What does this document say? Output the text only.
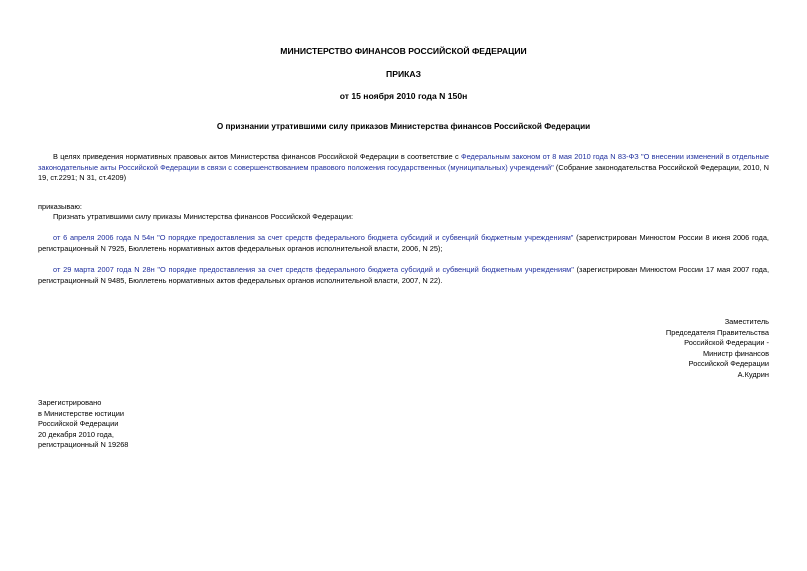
МИНИСТЕРСТВО ФИНАНСОВ РОССИЙСКОЙ ФЕДЕРАЦИИ
ПРИКАЗ
от 15 ноября 2010 года N 150н
О признании утратившими силу приказов Министерства финансов Российской Федерации
В целях приведения нормативных правовых актов Министерства финансов Российской Федерации в соответствие с Федеральным законом от 8 мая 2010 года N 83-ФЗ "О внесении изменений в отдельные законодательные акты Российской Федерации в связи с совершенствованием правового положения государственных (муниципальных) учреждений" (Собрание законодательства Российской Федерации, 2010, N 19, ст.2291; N 31, ст.4209)
приказываю:
Признать утратившими силу приказы Министерства финансов Российской Федерации:
от 6 апреля 2006 года N 54н "О порядке предоставления за счет средств федерального бюджета субсидий и субвенций бюджетным учреждениям" (зарегистрирован Минюстом России 8 июня 2006 года, регистрационный N 7925, Бюллетень нормативных актов федеральных органов исполнительной власти, 2006, N 25);
от 29 марта 2007 года N 28н "О порядке предоставления за счет средств федерального бюджета субсидий и субвенций бюджетным учреждениям" (зарегистрирован Минюстом России 17 мая 2007 года, регистрационный N 9485, Бюллетень нормативных актов федеральных органов исполнительной власти, 2007, N 22).
Заместитель
Председателя Правительства
Российской Федерации -
Министр финансов
Российской Федерации
А.Кудрин
Зарегистрировано
в Министерстве юстиции
Российской Федерации
20 декабря 2010 года,
регистрационный N 19268
